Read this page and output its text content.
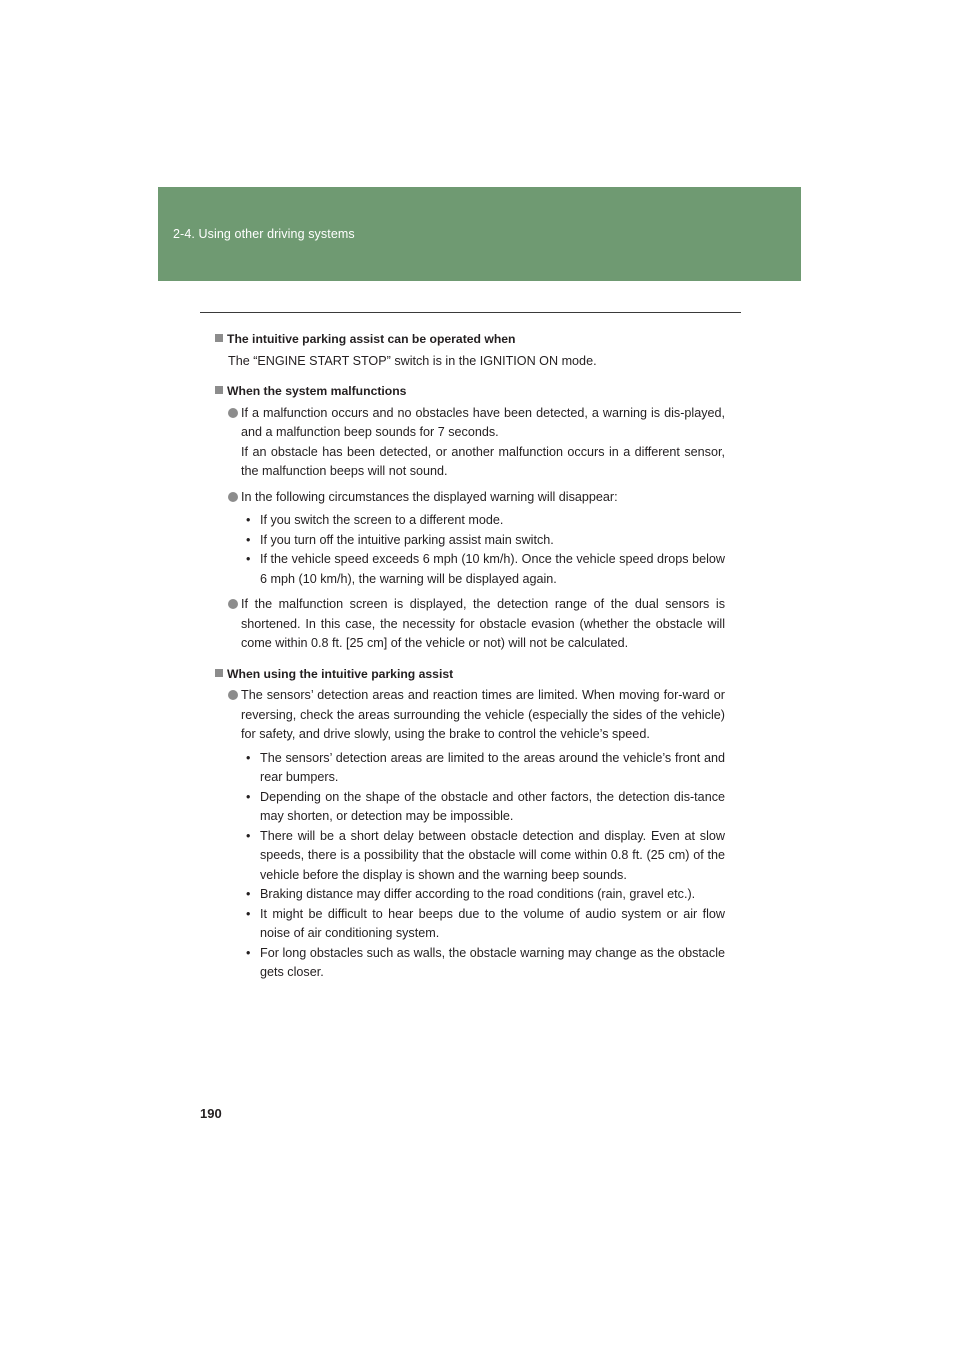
2-4. Using other driving systems
The intuitive parking assist can be operated when
The “ENGINE START STOP” switch is in the IGNITION ON mode.
When the system malfunctions
If a malfunction occurs and no obstacles have been detected, a warning is dis-played, and a malfunction beep sounds for 7 seconds.
If an obstacle has been detected, or another malfunction occurs in a different sensor, the malfunction beeps will not sound.
In the following circumstances the displayed warning will disappear:
• If you switch the screen to a different mode.
• If you turn off the intuitive parking assist main switch.
• If the vehicle speed exceeds 6 mph (10 km/h). Once the vehicle speed drops below 6 mph (10 km/h), the warning will be displayed again.
If the malfunction screen is displayed, the detection range of the dual sensors is shortened. In this case, the necessity for obstacle evasion (whether the obstacle will come within 0.8 ft. [25 cm] of the vehicle or not) will not be calculated.
When using the intuitive parking assist
The sensors’ detection areas and reaction times are limited. When moving for-ward or reversing, check the areas surrounding the vehicle (especially the sides of the vehicle) for safety, and drive slowly, using the brake to control the vehicle’s speed.
• The sensors’ detection areas are limited to the areas around the vehicle’s front and rear bumpers.
• Depending on the shape of the obstacle and other factors, the detection dis-tance may shorten, or detection may be impossible.
• There will be a short delay between obstacle detection and display. Even at slow speeds, there is a possibility that the obstacle will come within 0.8 ft. (25 cm) of the vehicle before the display is shown and the warning beep sounds.
• Braking distance may differ according to the road conditions (rain, gravel etc.).
• It might be difficult to hear beeps due to the volume of audio system or air flow noise of air conditioning system.
• For long obstacles such as walls, the obstacle warning may change as the obstacle gets closer.
190
